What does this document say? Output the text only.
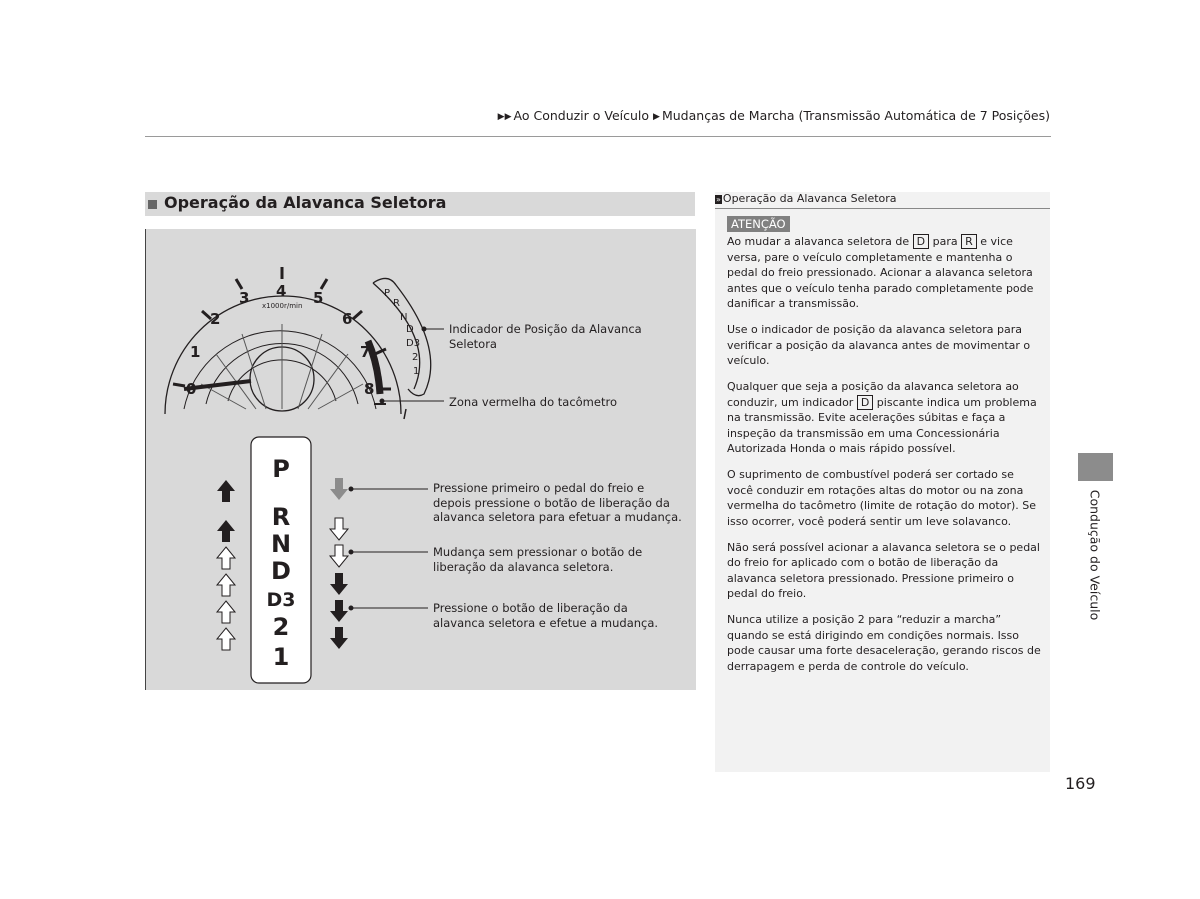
▶▶ Ao Conduzir o Veículo ▶ Mudanças de Marcha (Transmissão Automática de 7 Posições)
Operação da Alavanca Seletora
0
1
2
3 4 5
6
7
8
x1000r/min
P
R
N
D
D3
2
1
P
R
N
D
D3
2
1
Indicador de Posição da Alavanca Seletora
Zona vermelha do tacômetro
Pressione primeiro o pedal do freio e depois pressione o botão de liberação da alavanca seletora para efetuar a mudança.
Mudança sem pressionar o botão de liberação da alavanca seletora.
Pressione o botão de liberação da alavanca seletora e efetue a mudança.
» Operação da Alavanca Seletora
ATENÇÃO

Ao mudar a alavanca seletora de D para R e vice versa, pare o veículo completamente e mantenha o pedal do freio pressionado. Acionar a alavanca seletora antes que o veículo tenha parado completamente pode danificar a transmissão.

Use o indicador de posição da alavanca seletora para verificar a posição da alavanca antes de movimentar o veículo.

Qualquer que seja a posição da alavanca seletora ao conduzir, um indicador D piscante indica um problema na transmissão. Evite acelerações súbitas e faça a inspeção da transmissão em uma Concessionária Autorizada Honda o mais rápido possível.

O suprimento de combustível poderá ser cortado se você conduzir em rotações altas do motor ou na zona vermelha do tacômetro (limite de rotação do motor). Se isso ocorrer, você poderá sentir um leve solavanco.

Não será possível acionar a alavanca seletora se o pedal do freio for aplicado com o botão de liberação da alavanca seletora pressionado. Pressione primeiro o pedal do freio.

Nunca utilize a posição 2 para “reduzir a marcha” quando se está dirigindo em condições normais. Isso pode causar uma forte desaceleração, gerando riscos de derrapagem e perda de controle do veículo.

Condução do Veículo
169
